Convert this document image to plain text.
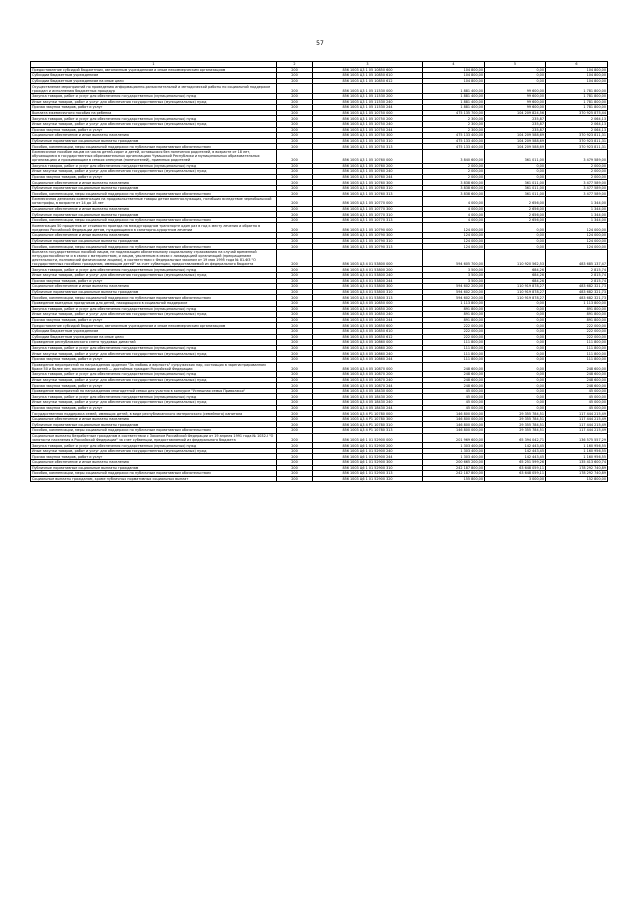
57
1	2	3	4	5	6
Предоставление субсидий бюджетным, автономным учреждениям и иным некоммерческим организациям	200	856 1003 Ц3 1 05 10850 600	104 800,00	0,00	104 800,00
Субсидии бюджетным учреждениям	200	856 1003 Ц3 1 05 10850 610	104 800,00	0,00	104 800,00
Субсидии бюджетным учреждениям на иные цели	200	856 1003 Ц3 1 05 10850 612	104 800,00	0,00	104 800,00
Осуществление мероприятий по проведению информационно-разъяснительной и методической работы по социальной поддержке граждан и исполнению бюджетных процедур	200	856 1003 Ц3 1 05 11530 000	1 881 400,00	99 600,00	1 781 800,00
Закупка товаров, работ и услуг для обеспечения государственных (муниципальных) нужд	200	856 1003 Ц3 1 05 11530 200	1 881 400,00	99 600,00	1 781 800,00
Иные закупки товаров, работ и услуг для обеспечения государственных (муниципальных) нужд	200	856 1003 Ц3 1 05 11530 240	1 881 400,00	99 600,00	1 781 800,00
Прочая закупка товаров, работ и услуг	200	856 1003 Ц3 1 05 11530 244	1 881 400,00	99 600,00	1 781 800,00
Выплата ежемесячного пособия на ребенка	200	856 1003 Ц3 1 05 10750 000	475 135 700,00	104 209 824,56	370 925 875,44
Закупка товаров, работ и услуг для обеспечения государственных (муниципальных) нужд	200	856 1003 Ц3 1 05 10750 200	2 300,00	235,87	2 064,13
Иные закупки товаров, работ и услуг для обеспечения государственных (муниципальных) нужд	200	856 1003 Ц3 1 05 10750 240	2 300,00	235,87	2 064,13
Прочая закупка товаров, работ и услуг	200	856 1003 Ц3 1 05 10750 244	2 300,00	235,87	2 064,13
Социальное обеспечение и иные выплаты населению	200	856 1003 Ц3 1 05 10750 300	475 133 400,00	104 209 588,69	370 923 811,31
Публичные нормативные социальные выплаты гражданам	200	856 1003 Ц3 1 05 10750 310	475 133 400,00	104 209 588,69	370 923 811,31
Пособия, компенсации, меры социальной поддержки по публичным нормативным обязательствам	200	856 1003 Ц3 1 05 10750 313	475 133 400,00	104 209 588,69	370 923 811,31
Ежемесячное пособие лицам из числа детей-сирот и детей, оставшихся без попечения родителей, в возрасте от 18 лет, обучающимся в государственных образовательных организациях Чувашской Республики и муниципальных образовательных организациях и проживающим в семьях опекунов (попечителей), приемных родителей	200	856 1003 Ц3 1 05 10760 000	3 840 600,00	361 011,00	3 479 589,00
Закупка товаров, работ и услуг для обеспечения государственных (муниципальных) нужд	200	856 1003 Ц3 1 05 10760 200	2 000,00	0,00	2 000,00
Иные закупки товаров, работ и услуг для обеспечения государственных (муниципальных) нужд	200	856 1003 Ц3 1 05 10760 240	2 000,00	0,00	2 000,00
Прочая закупка товаров, работ и услуг	200	856 1003 Ц3 1 05 10760 244	2 000,00	0,00	2 000,00
Социальное обеспечение и иные выплаты населению	200	856 1003 Ц3 1 05 10760 300	3 838 600,00	361 011,00	3 477 589,00
Публичные нормативные социальные выплаты гражданам	200	856 1003 Ц3 1 05 10760 310	3 838 600,00	361 011,00	3 477 589,00
Пособия, компенсации, меры социальной поддержки по публичным нормативным обязательствам	200	856 1003 Ц3 1 05 10760 313	3 838 600,00	361 011,00	3 477 589,00
Ежемесячная денежная компенсация на продовольственные товары детям военнослужащих, погибших вследствие чернобыльской катастрофы, в возрасте от 14 до 18 лет	200	856 1003 Ц3 1 05 10770 000	4 000,00	2 656,00	1 344,00
Социальное обеспечение и иные выплаты населению	200	856 1003 Ц3 1 05 10770 300	4 000,00	2 656,00	1 344,00
Публичные нормативные социальные выплаты гражданам	200	856 1003 Ц3 1 05 10770 310	4 000,00	2 656,00	1 344,00
Пособия, компенсации, меры социальной поддержки по публичным нормативным обязательствам	200	856 1003 Ц3 1 05 10770 313	4 000,00	2 656,00	1 344,00
Компенсация 50 процентов от стоимости проезда на междугородном транспорте один раз в год к месту лечения и обратно в пределах Российской Федерации детям, нуждающимся в санаторно-курортном лечении	200	856 1003 Ц3 1 05 10790 000	124 000,00	0,00	124 000,00
Социальное обеспечение и иные выплаты населению	200	856 1003 Ц3 1 05 10790 300	124 000,00	0,00	124 000,00
Публичные нормативные социальные выплаты гражданам	200	856 1003 Ц3 1 05 10790 310	124 000,00	0,00	124 000,00
Пособия, компенсации, меры социальной поддержки по публичным нормативным обязательствам	200	856 1003 Ц3 1 05 10790 313	124 000,00	0,00	124 000,00
Выплата государственных пособий лицам, не подлежащим обязательному социальному страхованию на случай временной нетрудоспособности и в связи с материнством, и лицам, уволенным в связи с ликвидацией организаций (прекращением деятельности, полномочий физическими лицами), в соответствии с Федеральным законом от 19 мая 1995 года № 81-ФЗ "О государственных пособиях гражданам, имеющим детей" за счет субвенции, предоставляемой из федерального бюджета	200	856 1003 Ц3 4 01 53800 000	594 605 700,00	110 920 562,53	483 685 137,47
Закупка товаров, работ и услуг для обеспечения государственных (муниципальных) нужд	200	856 1003 Ц3 4 01 53800 200	3 500,00	684,26	2 815,74
Иные закупки товаров, работ и услуг для обеспечения государственных (муниципальных) нужд	200	856 1003 Ц3 4 01 53800 240	3 500,00	684,26	2 815,74
Прочая закупка товаров, работ и услуг	200	856 1003 Ц3 4 01 53800 244	3 500,00	684,26	2 815,74
Социальное обеспечение и иные выплаты населению	200	856 1003 Ц3 4 01 53800 300	594 602 200,00	110 919 878,27	483 682 321,73
Публичные нормативные социальные выплаты гражданам	200	856 1003 Ц3 4 01 53800 310	594 602 200,00	110 919 878,27	483 682 321,73
Пособия, компенсации, меры социальной поддержки по публичным нормативным обязательствам	200	856 1003 Ц3 4 01 53800 313	594 602 200,00	110 919 878,27	483 682 321,73
Проведение выездных праздников для детей, находящихся в социальной поддержке	200	856 1003 Ц3 4 05 10850 000	1 113 800,00	0,00	1 113 800,00
Закупка товаров, работ и услуг для обеспечения государственных (муниципальных) нужд	200	856 1003 Ц3 4 05 10850 200	891 800,00	0,00	891 800,00
Иные закупки товаров, работ и услуг для обеспечения государственных (муниципальных) нужд	200	856 1003 Ц3 4 05 10850 240	891 800,00	0,00	891 800,00
Прочая закупка товаров, работ и услуг	200	856 1003 Ц3 4 05 10850 244	891 800,00	0,00	891 800,00
Предоставление субсидий бюджетным, автономным учреждениям и иным некоммерческим организациям	200	856 1003 Ц3 4 05 10850 600	222 000,00	0,00	222 000,00
Субсидии бюджетным учреждениям	200	856 1003 Ц3 4 05 10850 610	222 000,00	0,00	222 000,00
Субсидии бюджетным учреждениям на иные цели	200	856 1003 Ц3 4 05 10850 612	222 000,00	0,00	222 000,00
Проведение республиканского слета трудовых династий	200	856 1003 Ц3 4 05 10860 000	111 800,00	0,00	111 800,00
Закупка товаров, работ и услуг для обеспечения государственных (муниципальных) нужд	200	856 1003 Ц3 4 05 10860 200	111 800,00	0,00	111 800,00
Иные закупки товаров, работ и услуг для обеспечения государственных (муниципальных) нужд	200	856 1003 Ц3 4 05 10860 240	111 800,00	0,00	111 800,00
Прочая закупка товаров, работ и услуг	200	856 1003 Ц3 4 05 10860 244	111 800,00	0,00	111 800,00
Проведение мероприятий по награждению орденом "За любовь и верность" супружеских пар, состоящих в зарегистрированном браке 50 и более лет, воспитавших детей — достойных граждан Российской Федерации	200	856 1003 Ц3 4 05 10870 000	248 600,00	0,00	248 600,00
Закупка товаров, работ и услуг для обеспечения государственных (муниципальных) нужд	200	856 1003 Ц3 4 05 10870 200	248 600,00	0,00	248 600,00
Иные закупки товаров, работ и услуг для обеспечения государственных (муниципальных) нужд	200	856 1003 Ц3 4 05 10870 240	248 600,00	0,00	248 600,00
Прочая закупка товаров, работ и услуг	200	856 1003 Ц3 4 05 10870 244	248 600,00	0,00	248 600,00
Проведение мероприятий по награждению многодетной семьи для участия в конкурсе "Успешная семья Приволжья"	200	856 1003 Ц3 4 05 18430 000	45 000,00	0,00	45 000,00
Закупка товаров, работ и услуг для обеспечения государственных (муниципальных) нужд	200	856 1003 Ц3 4 05 18430 200	45 000,00	0,00	45 000,00
Иные закупки товаров, работ и услуг для обеспечения государственных (муниципальных) нужд	200	856 1003 Ц3 4 05 18430 240	45 000,00	0,00	45 000,00
Прочая закупка товаров, работ и услуг	200	856 1003 Ц3 4 05 18430 244	45 000,00	0,00	45 000,00
Государственная поддержка семей, имеющих детей, в виде республиканского материнского (семейного) капитала	200	856 1003 Ц3 4 P1 10780 000	146 800 000,00	29 355 784,51	117 444 215,49
Социальное обеспечение и иные выплаты населению	200	856 1003 Ц3 4 P1 10780 300	146 800 000,00	29 355 784,51	117 444 215,49
Публичные нормативные социальные выплаты гражданам	200	856 1003 Ц3 4 P1 10780 310	146 800 000,00	29 355 784,51	117 444 215,49
Пособия, компенсации, меры социальной поддержки по публичным нормативным обязательствам	200	856 1003 Ц3 4 P1 10780 313	146 800 000,00	29 355 784,51	117 444 215,49
Социальные выплаты безработным гражданам в соответствии с Законом Российской Федерации от 19 апреля 1991 года № 1032-I "О занятости населения в Российской Федерации" за счет субвенции, предоставляемой из федерального бюджета	200	856 1003 Ц6 1 01 52900 000	201 969 600,00	65 394 042,71	136 575 557,29
Закупка товаров, работ и услуг для обеспечения государственных (муниципальных) нужд	200	856 1003 Ц6 1 01 52900 200	1 303 400,00	142 443,45	1 160 956,55
Иные закупки товаров, работ и услуг для обеспечения государственных (муниципальных) нужд	200	856 1003 Ц6 1 01 52900 240	1 303 400,00	142 443,45	1 160 956,55
Прочая закупка товаров, работ и услуг	200	856 1003 Ц6 1 01 52900 244	1 303 400,00	142 443,45	1 160 956,55
Социальное обеспечение и иные выплаты населению	200	856 1003 Ц6 1 01 52900 300	200 665 200,00	65 251 599,26	135 413 600,74
Публичные нормативные социальные выплаты гражданам	200	856 1003 Ц6 1 01 52900 310	242 187 800,00	63 648 059,11	178 292 740,89
Пособия, компенсации, меры социальной поддержки по публичным нормативным обязательствам	200	856 1003 Ц6 1 01 52900 313	242 187 800,00	63 648 059,11	178 292 740,89
Социальные выплаты гражданам, кроме публичных нормативных социальных выплат	200	856 1003 Ц6 1 01 52900 320	155 800,00	3 000,00	152 800,00
